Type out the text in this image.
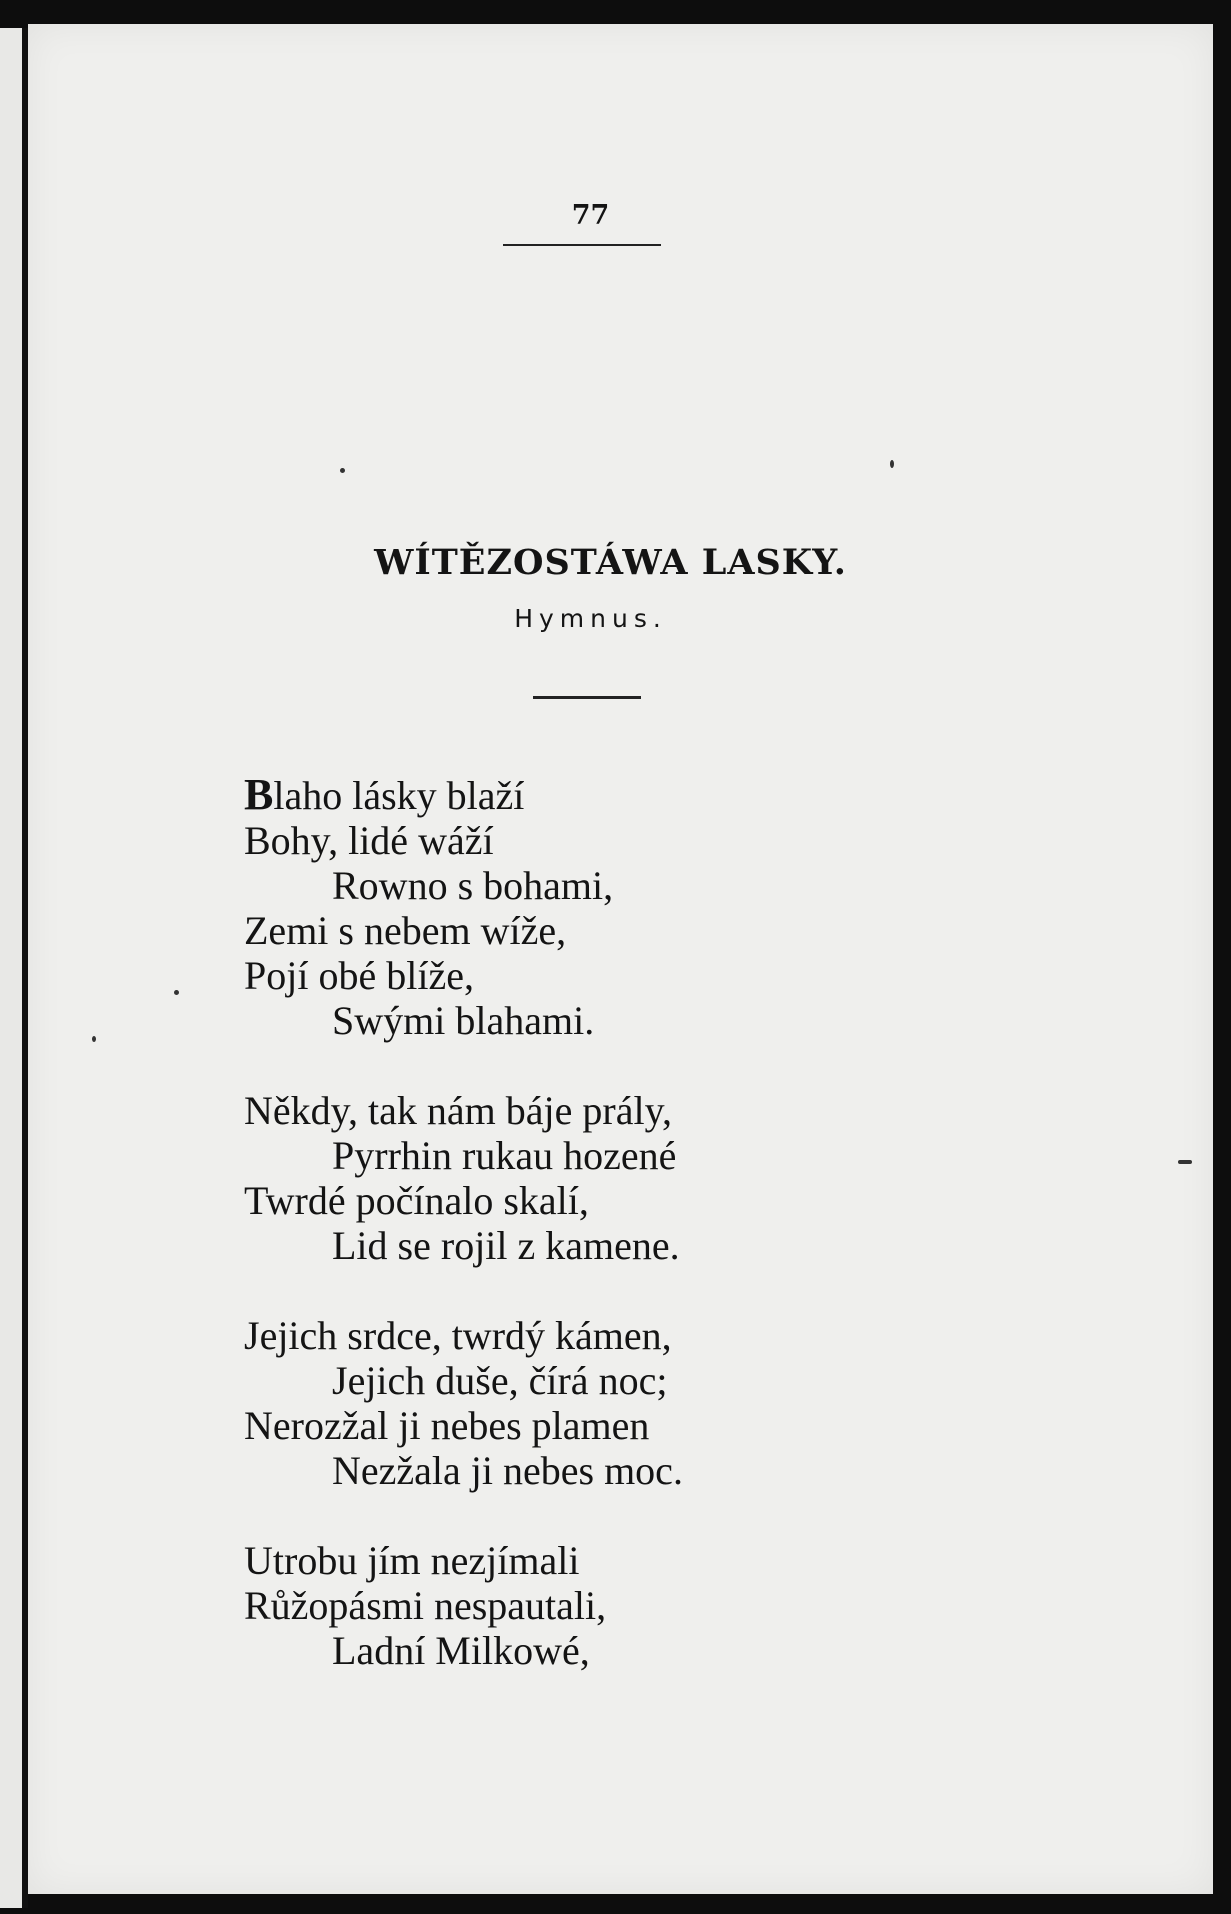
77
WÍTĚZOSTÁWA LASKY.
Hymnus.
Blaho lásky blaží
Bohy, lidé wáží
Rowno s bohami,
Zemi s nebem wíže,
Pojí obé blíže,
Swými blahami.
Někdy, tak nám báje prály,
Pyrrhin rukau hozené
Twrdé počínalo skalí,
Lid se rojil z kamene.
Jejich srdce, twrdý kámen,
Jejich duše, čírá noc;
Nerozžal ji nebes plamen
Nezžala ji nebes moc.
Utrobu jím nezjímali
Růžopásmi nespautali,
Ladní Milkowé,
